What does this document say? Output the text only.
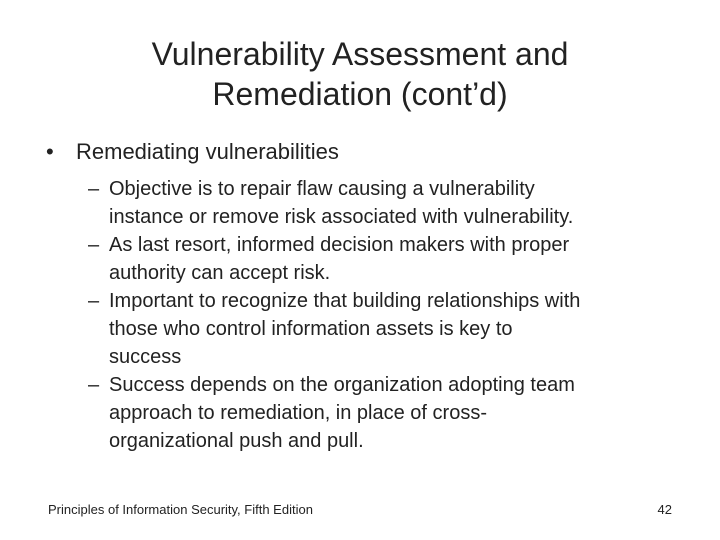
Vulnerability Assessment and
Remediation (cont’d)
•	Remediating vulnerabilities
– Objective is to repair flaw causing a vulnerability
instance or remove risk associated with vulnerability.
– As last resort, informed decision makers with proper
authority can accept risk.
– Important to recognize that building relationships with
those who control information assets is key to
success
– Success depends on the organization adopting team
approach to remediation, in place of cross-
organizational push and pull.
Principles of Information Security, Fifth Edition	42
